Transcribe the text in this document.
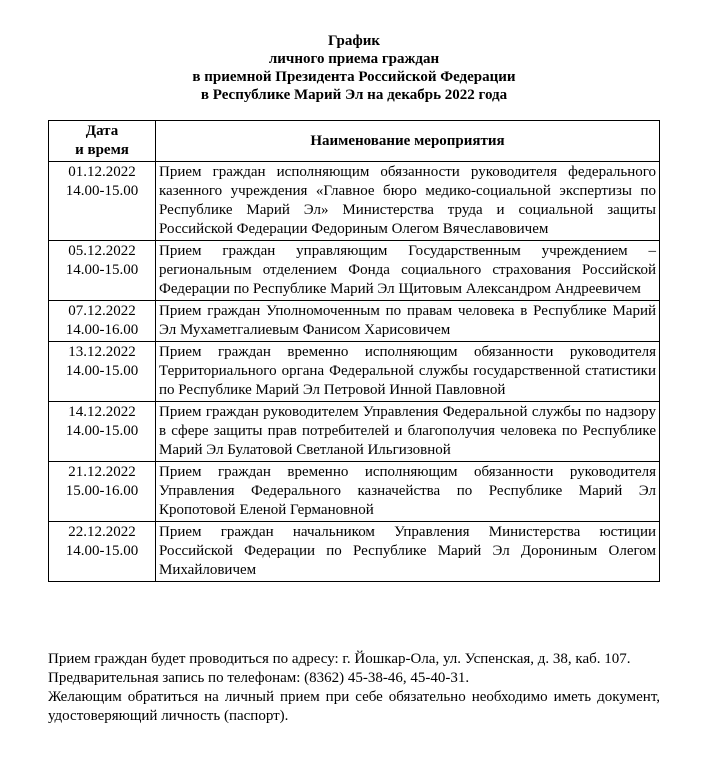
График
личного приема граждан
в приемной Президента Российской Федерации
в Республике Марий Эл на декабрь 2022 года
Дата
и время	Наименование мероприятия

01.12.2022
14.00-15.00	Прием граждан исполняющим обязанности руководителя федерального казенного учреждения «Главное бюро медико-социальной экспертизы по Республике Марий Эл» Министерства труда и социальной защиты Российской Федерации Федориным Олегом Вячеславовичем

05.12.2022
14.00-15.00	Прием граждан управляющим Государственным учреждением – региональным отделением Фонда социального страхования Российской Федерации по Республике Марий Эл Щитовым Александром Андреевичем

07.12.2022
14.00-16.00	Прием граждан Уполномоченным по правам человека в Республике Марий Эл Мухаметгалиевым Фанисом Харисовичем

13.12.2022
14.00-15.00	Прием граждан временно исполняющим обязанности руководителя Территориального органа Федеральной службы государственной статистики по Республике Марий Эл Петровой Инной Павловной

14.12.2022
14.00-15.00	Прием граждан руководителем Управления Федеральной службы по надзору в сфере защиты прав потребителей и благополучия человека по Республике Марий Эл Булатовой Светланой Ильгизовной

21.12.2022
15.00-16.00	Прием граждан временно исполняющим обязанности руководителя Управления Федерального казначейства по Республике Марий Эл Кропотовой Еленой Германовной

22.12.2022
14.00-15.00	Прием граждан начальником Управления Министерства юстиции Российской Федерации по Республике Марий Эл Дорониным Олегом Михайловичем

Прием граждан будет проводиться по адресу: г. Йошкар-Ола, ул. Успенская, д. 38, каб. 107.

Предварительная запись по телефонам: (8362) 45-38-46, 45-40-31.

Желающим обратиться на личный прием при себе обязательно необходимо иметь документ, удостоверяющий личность (паспорт).
